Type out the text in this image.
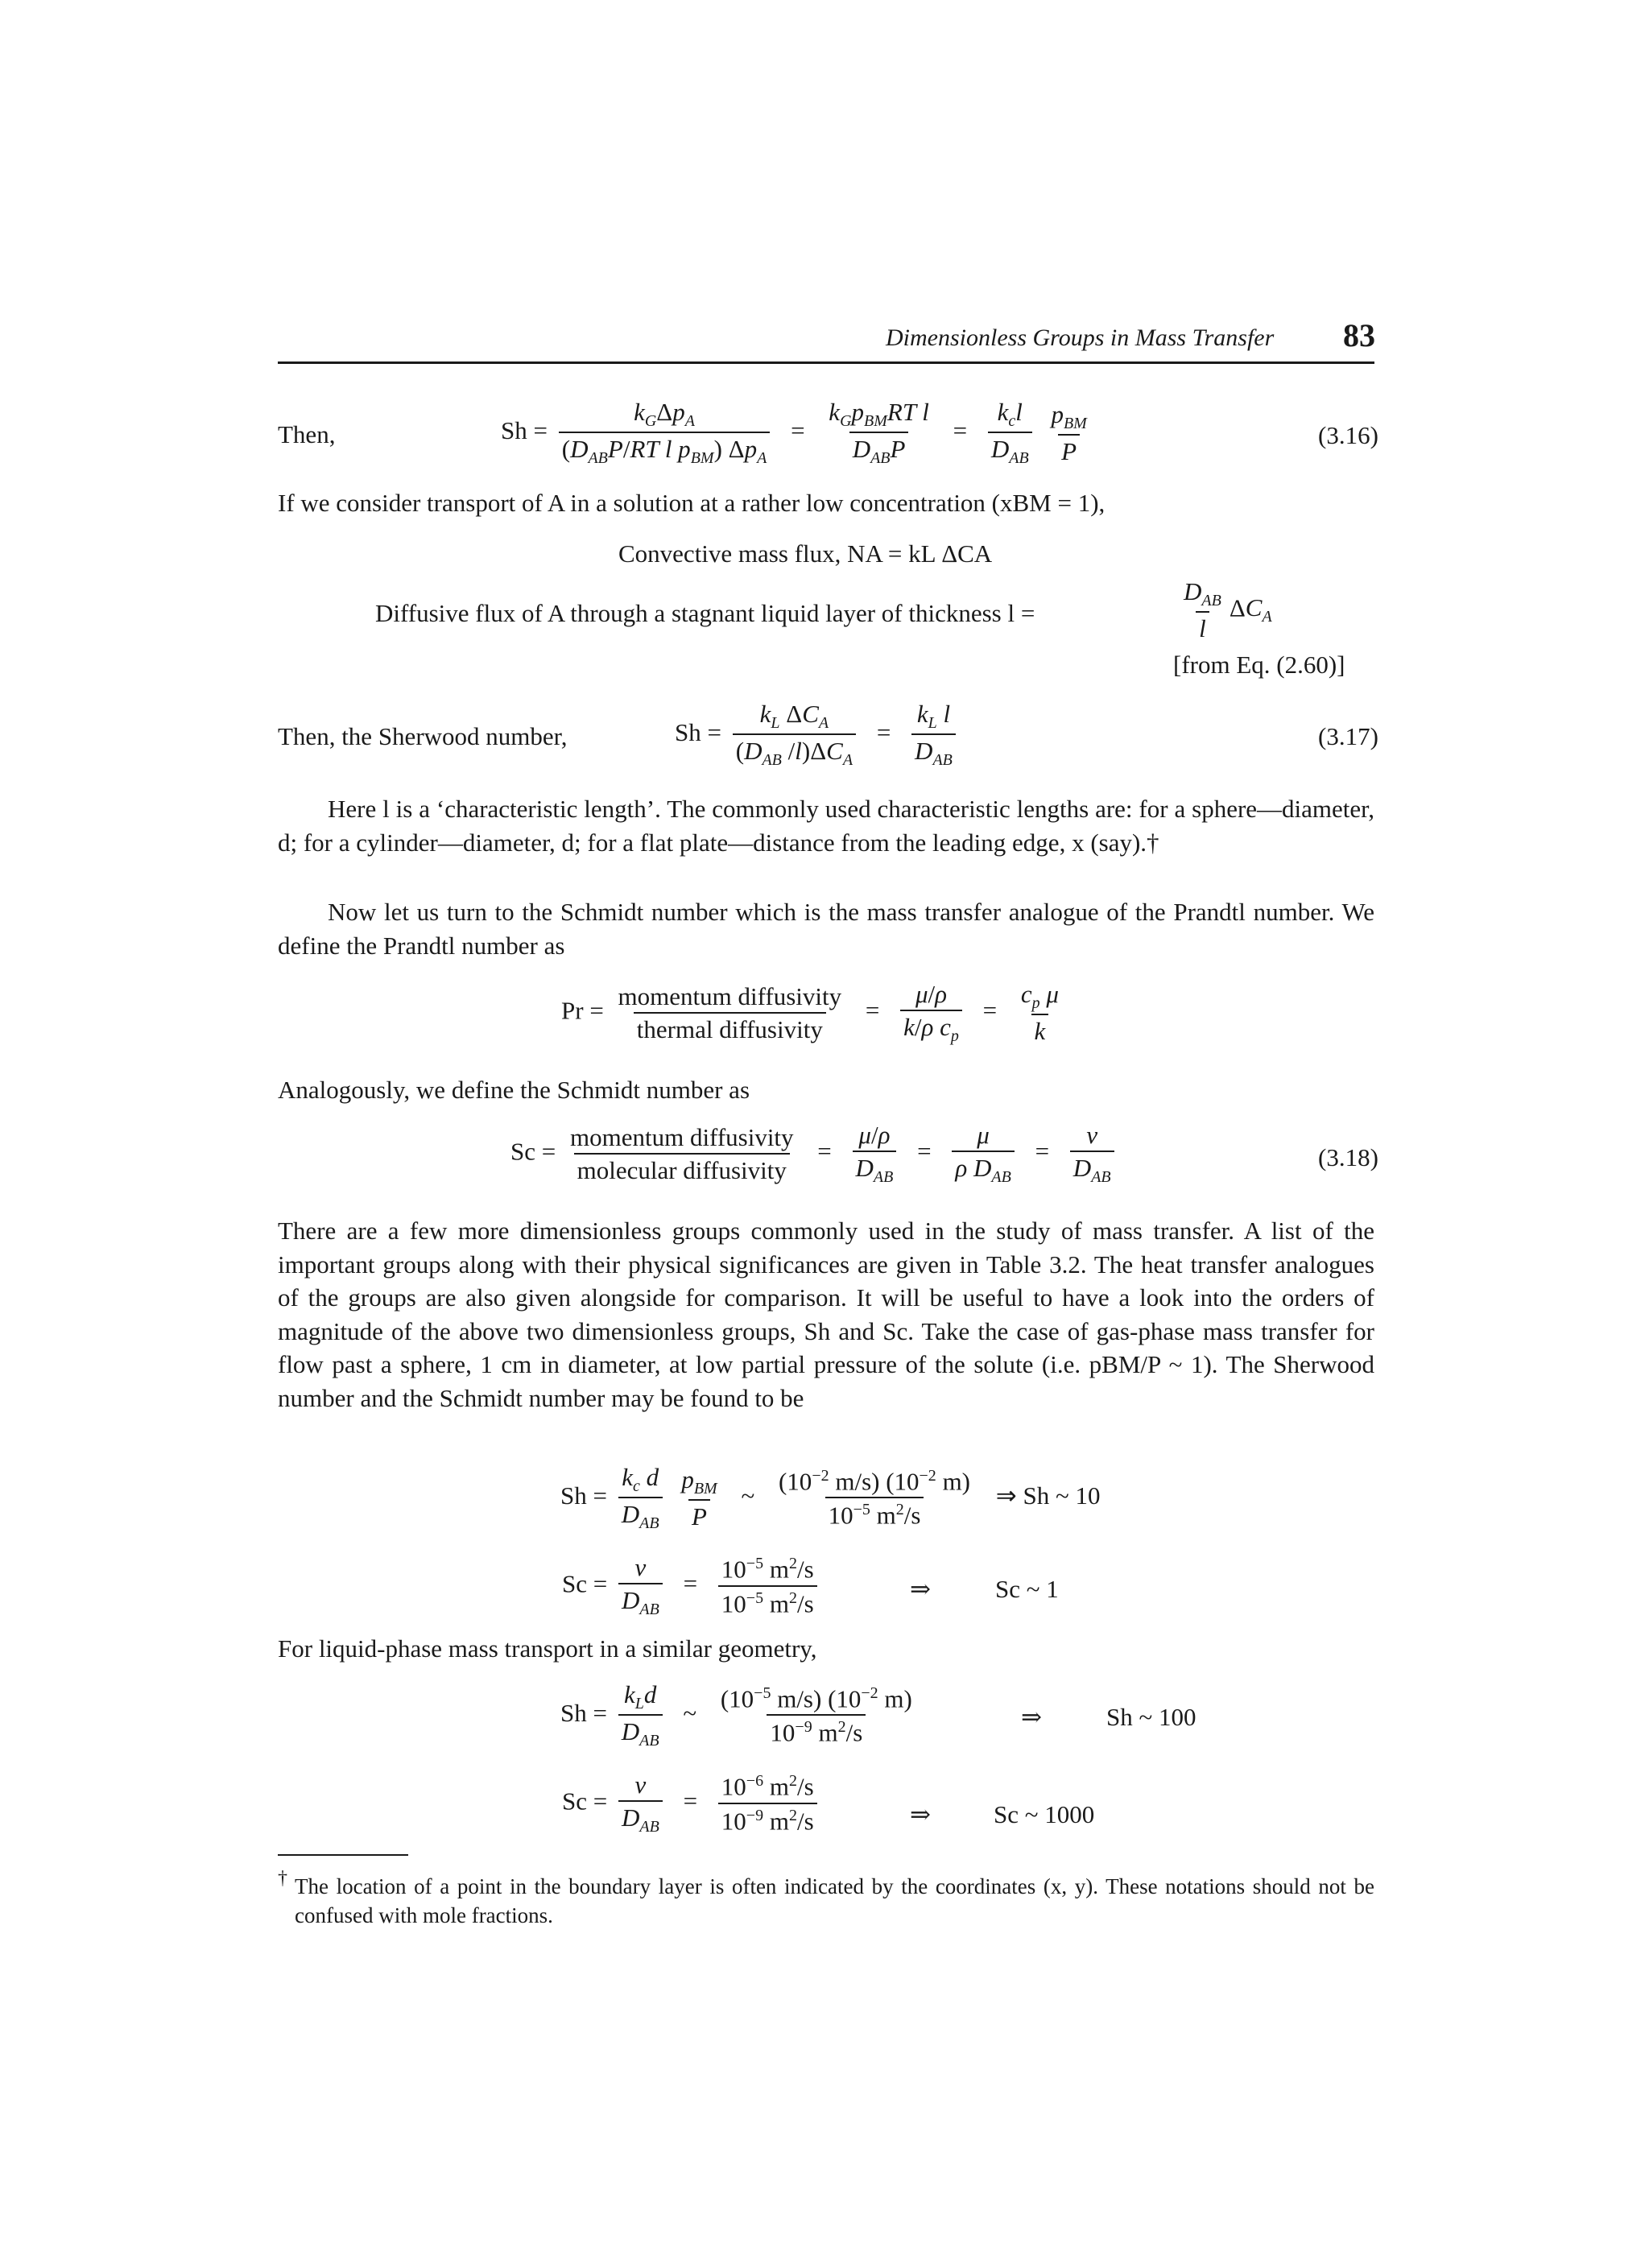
Dimensionless Groups in Mass Transfer 83
Then,	$Sh = \frac{k_G\Delta p_A}{(D_{AB}P/RT l p_{BM}) \Delta p_A} = \frac{k_Gp_{BM}RT l}{D_{AB}P} = \frac{k_cl}{D_{AB}}$
$\frac{p_{BM}}{P}$	(3.16)
If we consider transport of A in a solution at a rather low concentration (xBM = 1),
Convective mass flux, NA = kL ΔCA
Diffusive flux of A through a stagnant liquid layer of thickness l =	$\frac{D_{AB}}{l} \Delta C_A$
[from Eq. (2.60)]
Then, the Sherwood number,	$Sh = \frac{k_L \Delta C_A}{(D_{AB} /l)\Delta C_A} = \frac{k_L l}{D_{AB}}$	(3.17)
Here l is a ‘characteristic length’. The commonly used characteristic lengths are: for a sphere—diameter, d; for a cylinder—diameter, d; for a flat plate—distance from the leading edge, x (say).†
Now let us turn to the Schmidt number which is the mass transfer analogue of the Prandtl number. We define the Prandtl number as
$Pr = \frac{\text{momentum diffusivity}}{\text{thermal diffusivity}} = \frac{\mu/\rho}{k/\rho c_p} = \frac{c_p \mu}{k}$
Analogously, we define the Schmidt number as
$Sc = \frac{\text{momentum diffusivity}}{\text{molecular diffusivity}} = \frac{\mu/\rho}{D_{AB}} = \frac{\mu}{\rho D_{AB}} = \frac{\nu}{D_{AB}}$	(3.18)
There are a few more dimensionless groups commonly used in the study of mass transfer. A list of the important groups along with their physical significances are given in Table 3.2. The heat transfer analogues of the groups are also given alongside for comparison. It will be useful to have a look into the orders of magnitude of the above two dimensionless groups, Sh and Sc. Take the case of gas-phase mass transfer for flow past a sphere, 1 cm in diameter, at low partial pressure of the solute (i.e. pBM/P ~ 1). The Sherwood number and the Schmidt number may be found to be
$Sh = \frac{k_c d}{D_{AB}}$
$\frac{p_{BM}}{P}$ ~ $\frac{(10^{-2} m/s) (10^{-2} m)}{10^{-5} m^2/s}$ ⇒ Sh ~ 10
$Sc = \frac{\nu}{D_{AB}} = \frac{10^{-5} m^2/s}{10^{-5} m^2/s}$	⇒	Sc ~ 1
For liquid-phase mass transport in a similar geometry,
$Sh = \frac{k_Ld}{D_{AB}}$ ~ $\frac{(10^{-5} m/s) (10^{-2} m)}{10^{-9} m^2/s}$	⇒	Sh ~ 100
$Sc = \frac{\nu}{D_{AB}} = \frac{10^{-6} m^2/s}{10^{-9} m^2/s}$	⇒	Sc ~ 1000
† The location of a point in the boundary layer is often indicated by the coordinates (x, y). These notations should not be confused with mole fractions.
